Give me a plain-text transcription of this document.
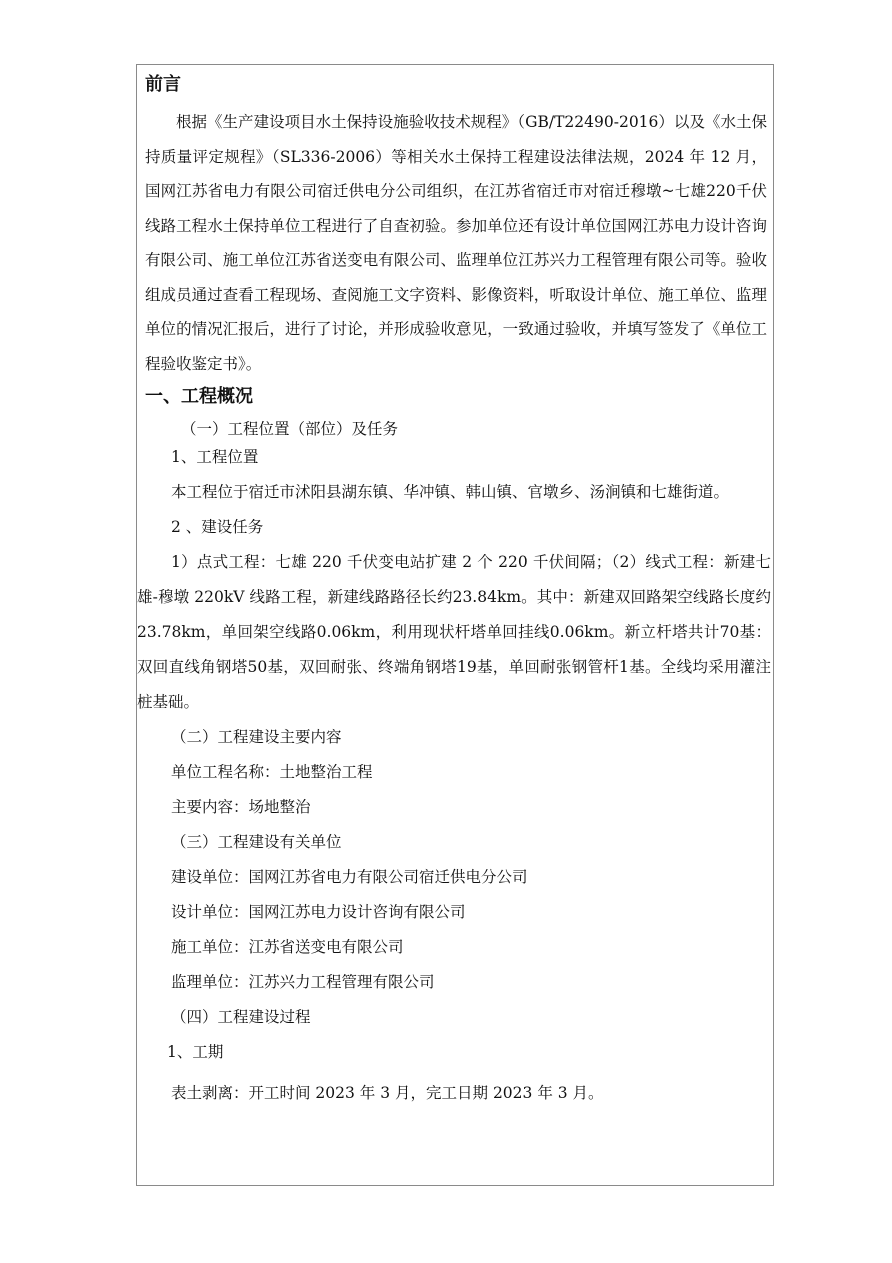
前言

根据《生产建设项目水土保持设施验收技术规程》（GB/T22490-2016）以及《水土保持质量评定规程》（SL336-2006）等相关水土保持工程建设法律法规，2024 年 12 月，国网江苏省电力有限公司宿迁供电分公司组织，在江苏省宿迁市对宿迁穆墩~七雄220千伏线路工程水土保持单位工程进行了自查初验。参加单位还有设计单位国网江苏电力设计咨询有限公司、施工单位江苏省送变电有限公司、监理单位江苏兴力工程管理有限公司等。验收组成员通过查看工程现场、查阅施工文字资料、影像资料，听取设计单位、施工单位、监理单位的情况汇报后，进行了讨论，并形成验收意见，一致通过验收，并填写签发了《单位工程验收鉴定书》。

一、工程概况
（一）工程位置（部位）及任务
1、工程位置

本工程位于宿迁市沭阳县湖东镇、华冲镇、韩山镇、官墩乡、汤涧镇和七雄街道。

2 、建设任务

1）点式工程：七雄 220 千伏变电站扩建 2 个 220 千伏间隔；（2）线式工程：新建七雄-穆墩 220kV 线路工程，新建线路路径长约23.84km。其中：新建双回路架空线路长度约23.78km，单回架空线路0.06km，利用现状杆塔单回挂线0.06km。新立杆塔共计70基：双回直线角钢塔50基，双回耐张、终端角钢塔19基，单回耐张钢管杆1基。全线均采用灌注桩基础。

（二）工程建设主要内容
单位工程名称：土地整治工程
主要内容：场地整治
（三）工程建设有关单位
建设单位：国网江苏省电力有限公司宿迁供电分公司
设计单位：国网江苏电力设计咨询有限公司
施工单位：江苏省送变电有限公司
监理单位：江苏兴力工程管理有限公司
（四）工程建设过程
1、工期
表土剥离：开工时间 2023 年 3 月，完工日期 2023 年 3 月。
